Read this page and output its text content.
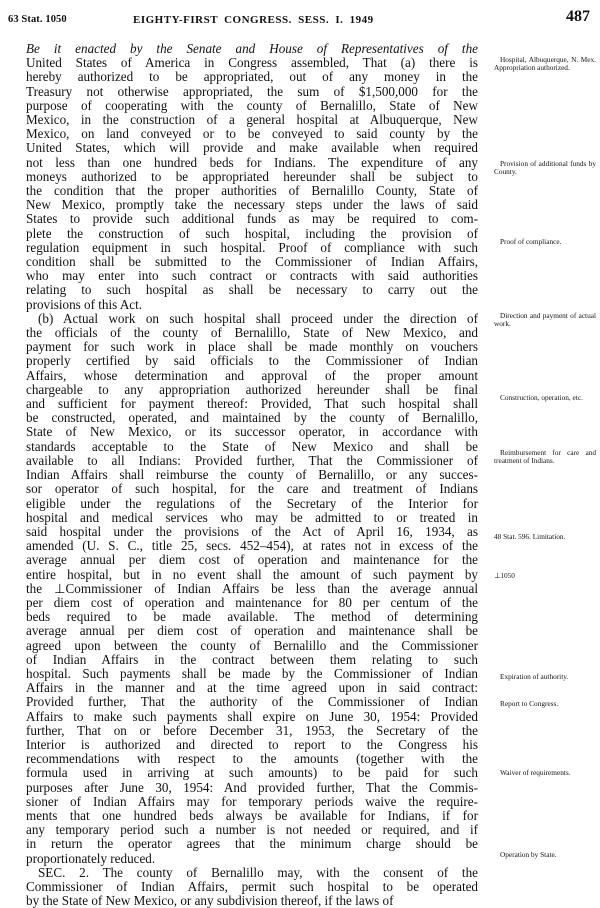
63 Stat. 1050	EIGHTY-FIRST CONGRESS. SESS. I. 1949	487
Be it enacted by the Senate and House of Representatives of the
United States of America in Congress assembled, That (a) there is
hereby authorized to be appropriated, out of any money in the
Treasury not otherwise appropriated, the sum of $1,500,000 for the
purpose of cooperating with the county of Bernalillo, State of New
Mexico, in the construction of a general hospital at Albuquerque, New
Mexico, on land conveyed or to be conveyed to said county by the
United States, which will provide and make available when required
not less than one hundred beds for Indians. The expenditure of any
moneys authorized to be appropriated hereunder shall be subject to
the condition that the proper authorities of Bernalillo County, State of
New Mexico, promptly take the necessary steps under the laws of said
States to provide such additional funds as may be required to com-
plete the construction of such hospital, including the provision of
regulation equipment in such hospital. Proof of compliance with such
condition shall be submitted to the Commissioner of Indian Affairs,
who may enter into such contract or contracts with said authorities
relating to such hospital as shall be necessary to carry out the
provisions of this Act.
(b) Actual work on such hospital shall proceed under the direction of
the officials of the county of Bernalillo, State of New Mexico, and
payment for such work in place shall be made monthly on vouchers
properly certified by said officials to the Commissioner of Indian
Affairs, whose determination and approval of the proper amount
chargeable to any appropriation authorized hereunder shall be final
and sufficient for payment thereof: Provided, That such hospital shall
be constructed, operated, and maintained by the county of Bernalillo,
State of New Mexico, or its successor operator, in accordance with
standards acceptable to the State of New Mexico and shall be
available to all Indians: Provided further, That the Commissioner of
Indian Affairs shall reimburse the county of Bernalillo, or any succes-
sor operator of such hospital, for the care and treatment of Indians
eligible under the regulations of the Secretary of the Interior for
hospital and medical services who may be admitted to or treated in
said hospital under the provisions of the Act of April 16, 1934, as
amended (U. S. C., title 25, secs. 452–454), at rates not in excess of the
average annual per diem cost of operation and maintenance for the
entire hospital, but in no event shall the amount of such payment by
the ⊥Commissioner of Indian Affairs be less than the average annual
per diem cost of operation and maintenance for 80 per centum of the
beds required to be made available. The method of determining
average annual per diem cost of operation and maintenance shall be
agreed upon between the county of Bernalillo and the Commissioner
of Indian Affairs in the contract between them relating to such
hospital. Such payments shall be made by the Commissioner of Indian
Affairs in the manner and at the time agreed upon in said contract:
Provided further, That the authority of the Commissioner of Indian
Affairs to make such payments shall expire on June 30, 1954: Provided
further, That on or before December 31, 1953, the Secretary of the
Interior is authorized and directed to report to the Congress his
recommendations with respect to the amounts (together with the
formula used in arriving at such amounts) to be paid for such
purposes after June 30, 1954: And provided further, That the Commis-
sioner of Indian Affairs may for temporary periods waive the require-
ments that one hundred beds always be available for Indians, if for
any temporary period such a number is not needed or required, and if
in return the operator agrees that the minimum charge should be
proportionately reduced.
SEC. 2. The county of Bernalillo may, with the consent of the
Commissioner of Indian Affairs, permit such hospital to be operated
by the State of New Mexico, or any subdivision thereof, if the laws of
Hospital, Albuquerque, N. Mex. Appropriation authorized.
Provision of additional funds by County.
Proof of compliance.
Direction and payment of actual work.
Construction, operation, etc.
Reimbursement for care and treatment of Indians.
48 Stat. 596. Limitation.
⊥1050
Expiration of authority.
Report to Congress.
Waiver of requirements.
Operation by State.
